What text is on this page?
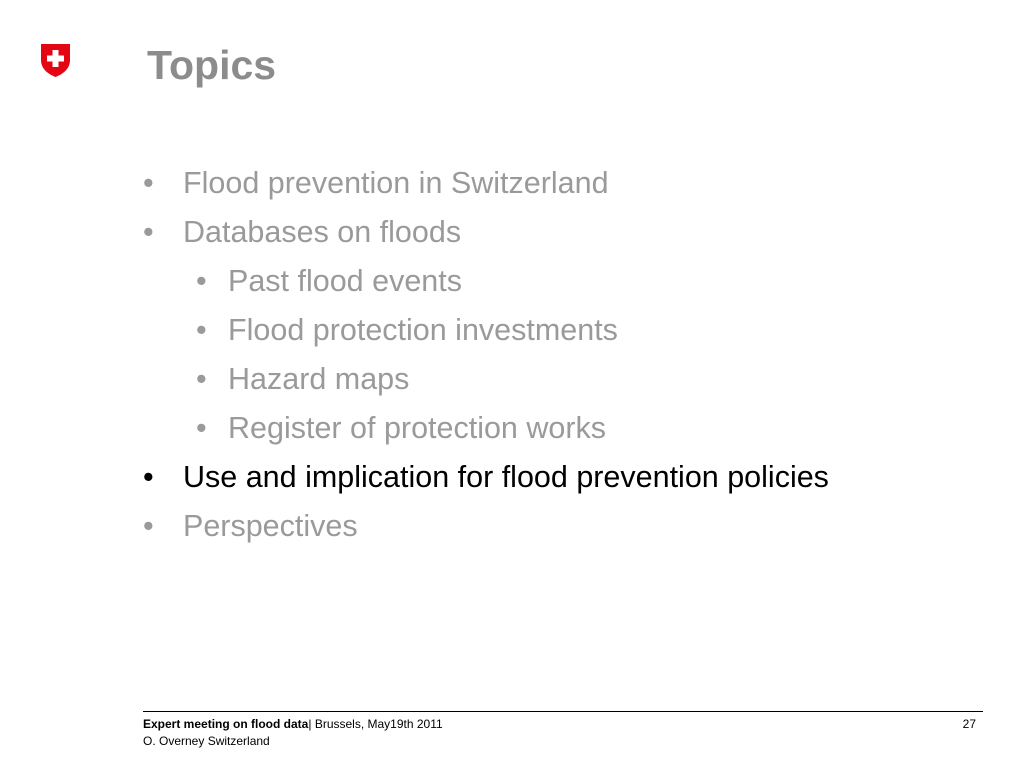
Topics
• Flood prevention in Switzerland
• Databases on floods
• Past flood events
• Flood protection investments
• Hazard maps
• Register of protection works
• Use and implication for flood prevention policies
• Perspectives
Expert meeting on flood data| Brussels, May19th 2011
O. Overney Switzerland
27
